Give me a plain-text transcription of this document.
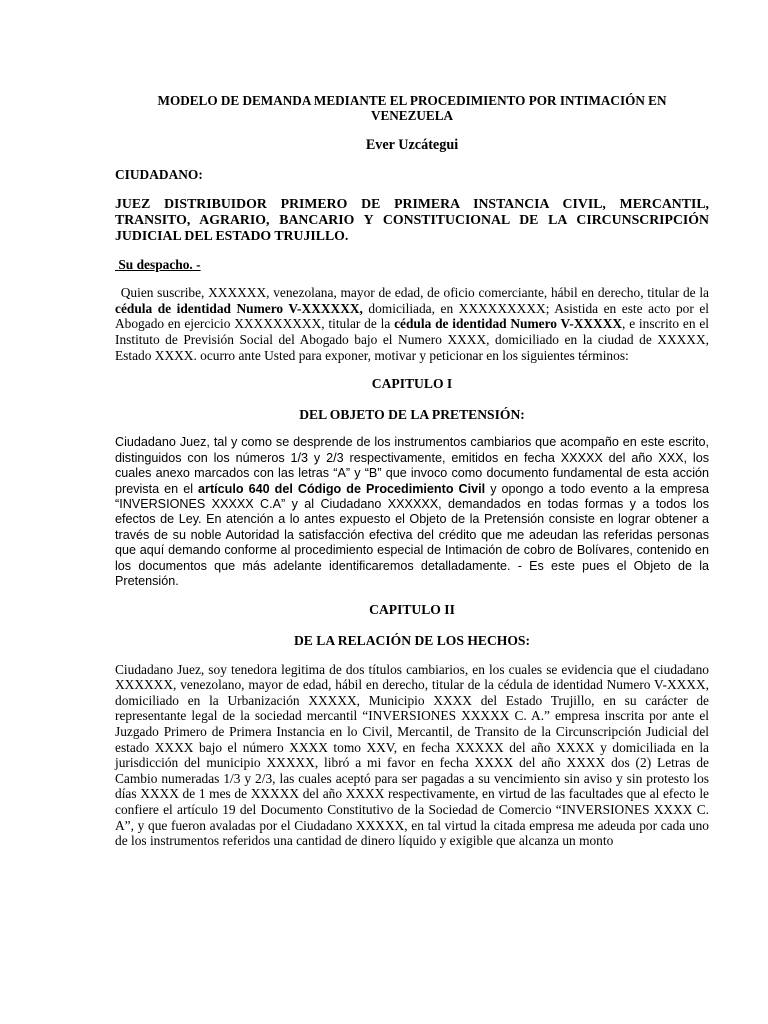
MODELO DE DEMANDA MEDIANTE EL PROCEDIMIENTO POR INTIMACIÓN EN VENEZUELA

Ever Uzcátegui

CIUDADANO:

JUEZ DISTRIBUIDOR PRIMERO DE PRIMERA INSTANCIA CIVIL, MERCANTIL, TRANSITO, AGRARIO, BANCARIO Y CONSTITUCIONAL DE LA CIRCUNSCRIPCIÓN JUDICIAL DEL ESTADO TRUJILLO.

Su despacho. -

Quien suscribe, XXXXXX, venezolana, mayor de edad, de oficio comerciante, hábil en derecho, titular de la cédula de identidad Numero V-XXXXXX, domiciliada, en XXXXXXXXX; Asistida en este acto por el Abogado en ejercicio XXXXXXXXX, titular de la cédula de identidad Numero V-XXXXX, e inscrito en el Instituto de Previsión Social del Abogado bajo el Numero XXXX, domiciliado en la ciudad de XXXXX, Estado XXXX. ocurro ante Usted para exponer, motivar y peticionar en los siguientes términos:

CAPITULO I

DEL OBJETO DE LA PRETENSIÓN:

Ciudadano Juez, tal y como se desprende de los instrumentos cambiarios que acompaño en este escrito, distinguidos con los números 1/3 y 2/3 respectivamente, emitidos en fecha XXXXX del año XXX, los cuales anexo marcados con las letras “A” y “B” que invoco como documento fundamental de esta acción prevista en el artículo 640 del Código de Procedimiento Civil y opongo a todo evento a la empresa “INVERSIONES XXXXX C.A” y al Ciudadano XXXXXX, demandados en todas formas y a todos los efectos de Ley. En atención a lo antes expuesto el Objeto de la Pretensión consiste en lograr obtener a través de su noble Autoridad la satisfacción efectiva del crédito que me adeudan las referidas personas que aquí demando conforme al procedimiento especial de Intimación de cobro de Bolívares, contenido en los documentos que más adelante identificaremos detalladamente. - Es este pues el Objeto de la Pretensión.

CAPITULO II

DE LA RELACIÓN DE LOS HECHOS:

Ciudadano Juez, soy tenedora legitima de dos títulos cambiarios, en los cuales se evidencia que el ciudadano XXXXXX, venezolano, mayor de edad, hábil en derecho, titular de la cédula de identidad Numero V-XXXX, domiciliado en la Urbanización XXXXX, Municipio XXXX del Estado Trujillo, en su carácter de representante legal de la sociedad mercantil “INVERSIONES XXXXX C. A.” empresa inscrita por ante el Juzgado Primero de Primera Instancia en lo Civil, Mercantil, de Transito de la Circunscripción Judicial del estado XXXX bajo el número XXXX tomo XXV, en fecha XXXXX del año XXXX y domiciliada en la jurisdicción del municipio XXXXX, libró a mi favor en fecha XXXX del año XXXX dos (2) Letras de Cambio numeradas 1/3 y 2/3, las cuales aceptó para ser pagadas a su vencimiento sin aviso y sin protesto los días XXXX de 1 mes de XXXXX del año XXXX respectivamente, en virtud de las facultades que al efecto le confiere el artículo 19 del Documento Constitutivo de la Sociedad de Comercio “INVERSIONES XXXX C. A”, y que fueron avaladas por el Ciudadano XXXXX, en tal virtud la citada empresa me adeuda por cada uno de los instrumentos referidos una cantidad de dinero líquido y exigible que alcanza un monto
